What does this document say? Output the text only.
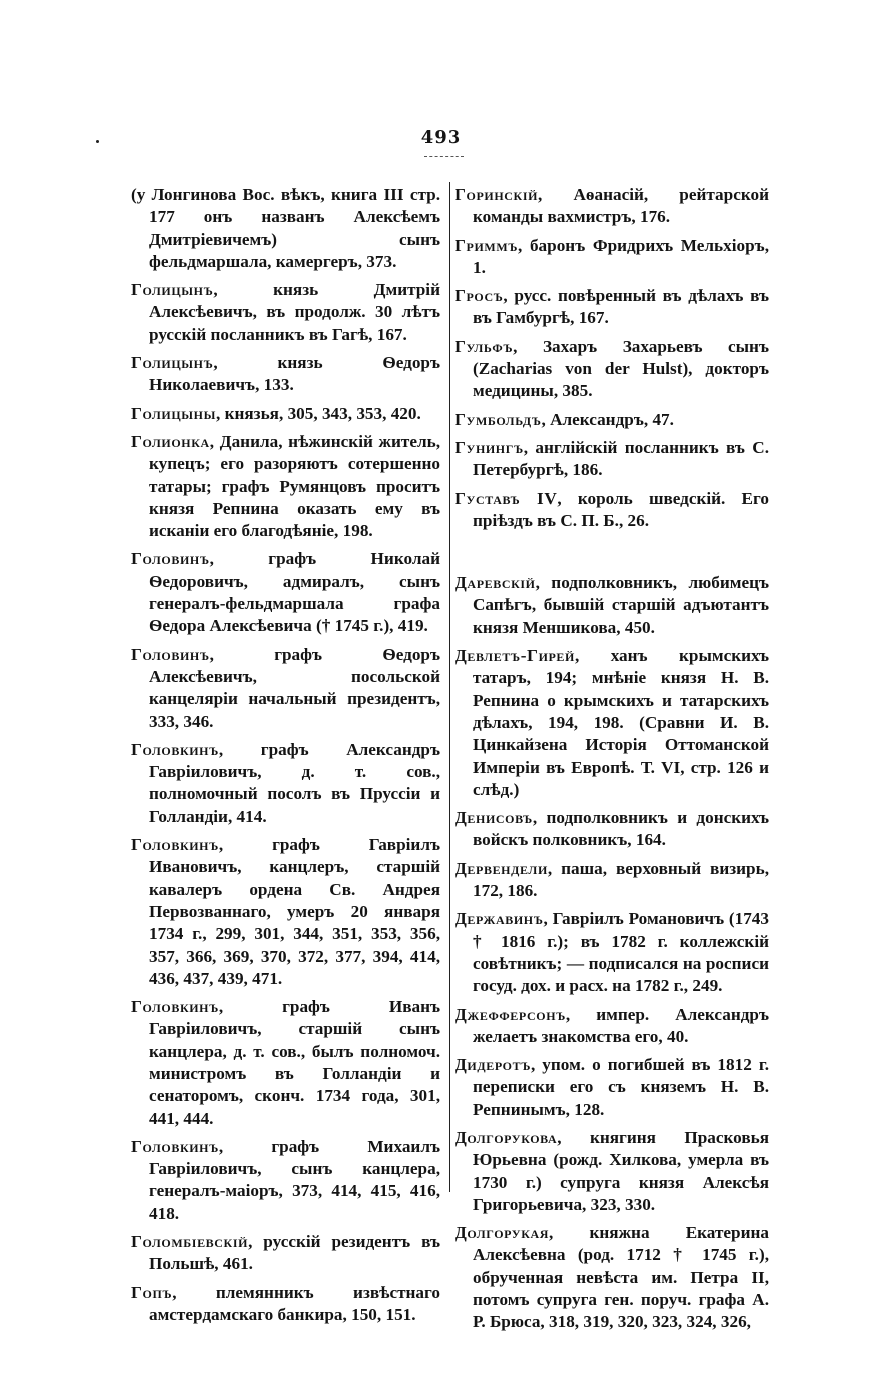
493

(у Лонгинова Вос. вѣкъ, книга III стр. 177 онъ названъ Алексѣемъ Дмитріевичемъ) сынъ фельдмаршала, камергеръ, 373.

Голицынъ, князь Дмитрій Алексѣевичъ, въ продолж. 30 лѣтъ русскій посланникъ въ Гагѣ, 167.

Голицынъ, князь Ѳедоръ Николаевичъ, 133.

Голицыны, князья, 305, 343, 353, 420.

Голионка, Данила, нѣжинскій житель, купецъ; его разоряютъ сотершенно татары; графъ Румянцовъ проситъ князя Репнина оказать ему въ исканіи его благодѣяніе, 198.

Головинъ, графъ Николай Ѳедоровичъ, адмиралъ, сынъ генералъ-фельдмаршала графа Ѳедора Алексѣевича († 1745 г.), 419.

Головинъ, графъ Ѳедоръ Алексѣевичъ, посольской канцеляріи начальный президентъ, 333, 346.

Головкинъ, графъ Александръ Гавріиловичъ, д. т. сов., полномочный посолъ въ Пруссіи и Голландіи, 414.

Головкинъ, графъ Гавріилъ Ивановичъ, канцлеръ, старшій кавалеръ ордена Св. Андрея Первозваннаго, умеръ 20 января 1734 г., 299, 301, 344, 351, 353, 356, 357, 366, 369, 370, 372, 377, 394, 414, 436, 437, 439, 471.

Головкинъ, графъ Иванъ Гавріиловичъ, старшій сынъ канцлера, д. т. сов., былъ полномоч. министромъ въ Голландіи и сенаторомъ, сконч. 1734 года, 301, 441, 444.

Головкинъ, графъ Михаилъ Гавріиловичъ, сынъ канцлера, генералъ-маіоръ, 373, 414, 415, 416, 418.

Голомбіевскій, русскій резидентъ въ Польшѣ, 461.

Гопъ, племянникъ извѣстнаго амстердамскаго банкира, 150, 151.

Горинскій, Аѳанасій, рейтарской команды вахмистръ, 176.

Гриммъ, баронъ Фридрихъ Мельхіоръ, 1.

Гросъ, русс. повѣренный въ дѣлахъ въ въ Гамбургѣ, 167.

Гульфъ, Захаръ Захарьевъ сынъ (Zacharias von der Hulst), докторъ медицины, 385.

Гумбольдъ, Александръ, 47.

Гунингъ, англійскій посланникъ въ С. Петербургѣ, 186.

Густавъ IV, король шведскій. Его пріѣздъ въ С. П. Б., 26.

Даревскій, подполковникъ, любимецъ Сапѣгъ, бывшій старшій адъютантъ князя Меншикова, 450.

Девлетъ-Гирей, ханъ крымскихъ татаръ, 194; мнѣніе князя Н. В. Репнина о крымскихъ и татарскихъ дѣлахъ, 194, 198. (Сравни И. В. Цинкайзена Исторія Оттоманской Имперіи въ Европѣ. Т. VI, стр. 126 и слѣд.)

Денисовъ, подполковникъ и донскихъ войскъ полковникъ, 164.

Дервендели, паша, верховный визирь, 172, 186.

Державинъ, Гавріилъ Романовичъ (1743 † 1816 г.); въ 1782 г. коллежскій совѣтникъ; — подписался на росписи госуд. дох. и расх. на 1782 г., 249.

Джефферсонъ, импер. Александръ желаетъ знакомства его, 40.

Дидеротъ, упом. о погибшей въ 1812 г. переписки его съ княземъ Н. В. Репнинымъ, 128.

Долгорукова, княгиня Прасковья Юрьевна (рожд. Хилкова, умерла въ 1730 г.) супруга князя Алексѣя Григорьевича, 323, 330.

Долгорукая, княжна Екатерина Алексѣевна (род. 1712 † 1745 г.), обрученная невѣста им. Петра II, потомъ супруга ген. поруч. графа А. Р. Брюса, 318, 319, 320, 323, 324, 326,
